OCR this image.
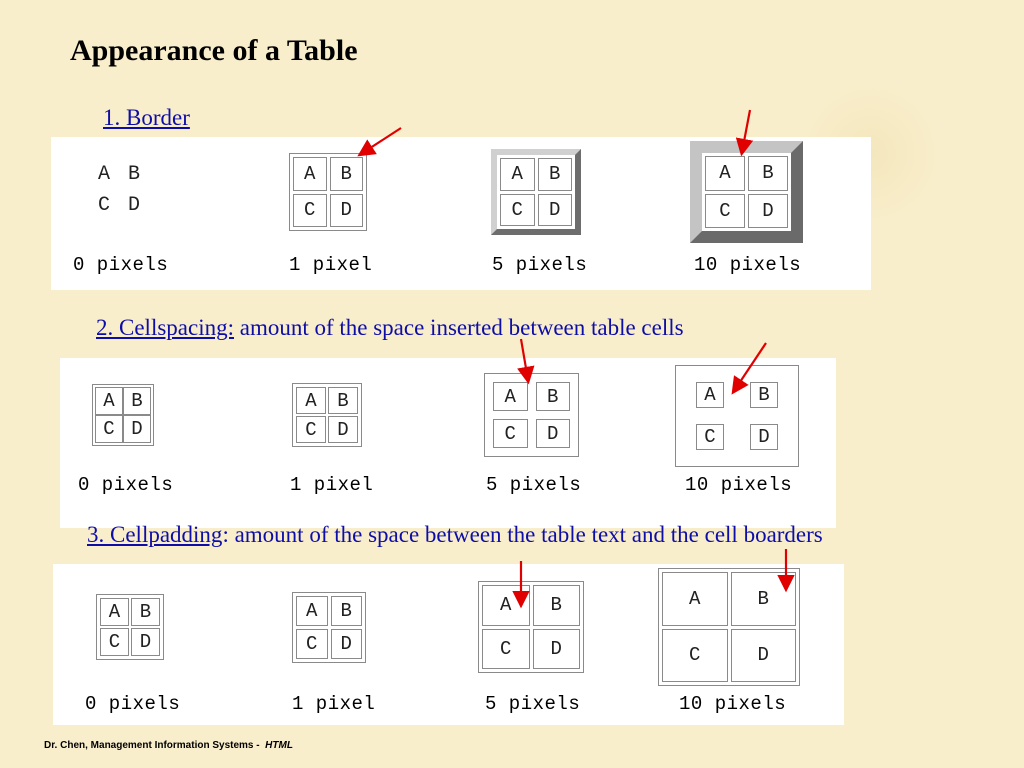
Appearance of a Table
1. Border
A B
C D
0 pixels
A	B
C	D
1 pixel
A	B
C	D
5 pixels
A	B
C	D
10 pixels
2. Cellspacing: amount of the space inserted between table cells
A B
C D
0 pixels
A	B
C	D
1 pixel
A	B
C	D
5 pixels
A	B
C	D
10 pixels
3. Cellpadding: amount of the space between the table text and the cell boarders
A	B
C	D
0 pixels
A	B
C	D
1 pixel
A	B
C	D
5 pixels
A	B
C	D
10 pixels
Dr. Chen, Management Information Systems - HTML
